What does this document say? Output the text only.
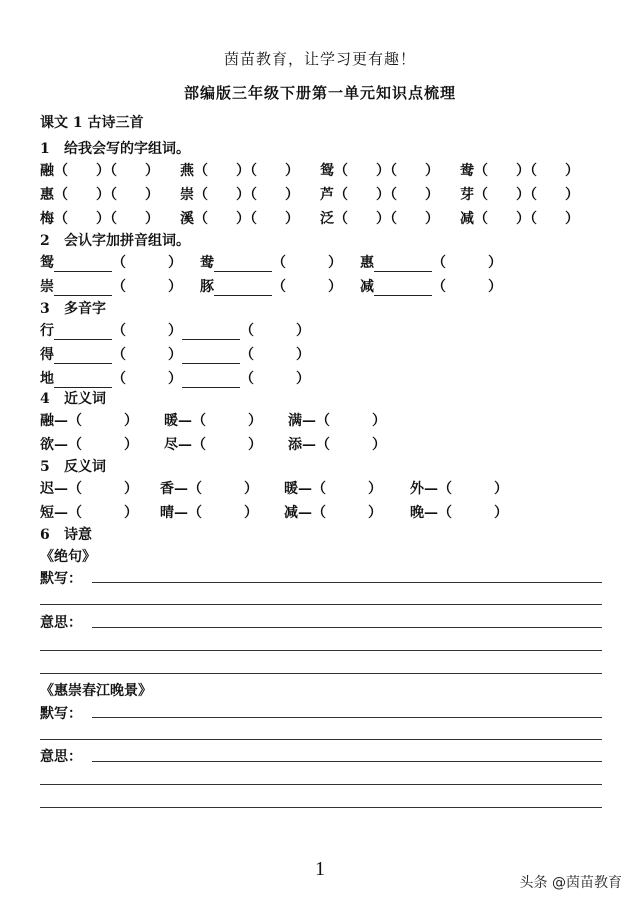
茵苗教育，让学习更有趣！
部编版三年级下册第一单元知识点梳理
课文 1 古诗三首
1 给我会写的字组词。
融（　　）（　　） 燕（　　）（　　） 鸳（　　）（　　） 鸯（　　）（　　）
惠（　　）（　　） 崇（　　）（　　） 芦（　　）（　　） 芽（　　）（　　）
梅（　　）（　　） 溪（　　）（　　） 泛（　　）（　　） 减（　　）（　　）
2 会认字加拼音组词。
鸳	（　　　） 鸯	（　　　） 惠	（　　　）
崇	（　　　） 豚	（　　　） 减	（　　　）
3 多音字
行	（　　　）	（　　　）
得	（　　　）	（　　　）
地	（　　　）	（　　　）
4 近义词
融—（　　　） 暖—（　　　） 满—（　　　）
欲—（　　　） 尽—（　　　） 添—（　　　）
5 反义词
迟—（　　　） 香—（　　　） 暖—（　　　） 外—（　　　）
短—（　　　） 晴—（　　　） 减—（　　　） 晚—（　　　）
6 诗意
《绝句》
默写：
意思：
《惠崇春江晚景》
默写：
意思：
1
头条 @茵苗教育
